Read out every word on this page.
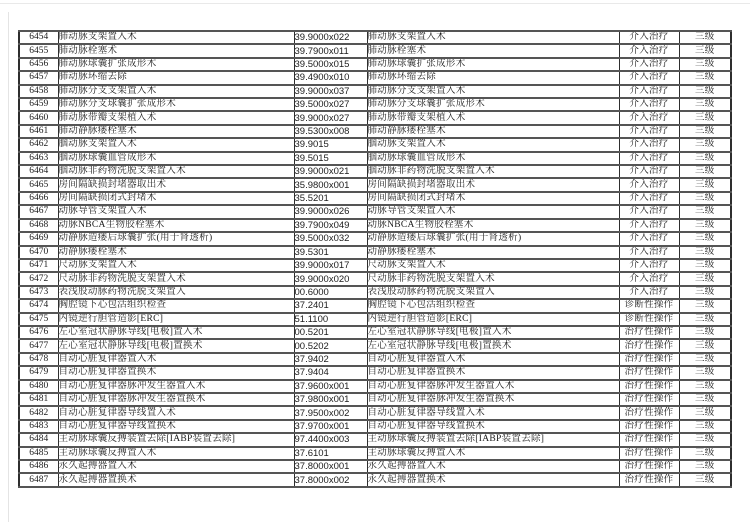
6454	肺动脉支架置入术	39.9000x022	肺动脉支架置入术	介入治疗	三级
6455	肺动脉栓塞术	39.7900x011	肺动脉栓塞术	介入治疗	三级
6456	肺动脉球囊扩张成形术	39.5000x015	肺动脉球囊扩张成形术	介入治疗	三级
6457	肺动脉环缩去除	39.4900x010	肺动脉环缩去除	介入治疗	三级
6458	肺动脉分支支架置入术	39.9000x037	肺动脉分支支架置入术	介入治疗	三级
6459	肺动脉分支球囊扩张成形术	39.5000x027	肺动脉分支球囊扩张成形术	介入治疗	三级
6460	肺动脉带瓣支架植入术	39.9000x027	肺动脉带瓣支架植入术	介入治疗	三级
6461	肺动静脉瘘栓塞术	39.5300x008	肺动静脉瘘栓塞术	介入治疗	三级
6462	腘动脉支架置入术	39.9015	腘动脉支架置入术	介入治疗	三级
6463	腘动脉球囊血管成形术	39.5015	腘动脉球囊血管成形术	介入治疗	三级
6464	腘动脉非药物洗脱支架置入术	39.9000x021	腘动脉非药物洗脱支架置入术	介入治疗	三级
6465	房间隔缺损封堵器取出术	35.9800x001	房间隔缺损封堵器取出术	介入治疗	三级
6466	房间隔缺损闭式封堵术	35.5201	房间隔缺损闭式封堵术	介入治疗	三级
6467	动脉导管支架置入术	39.9000x026	动脉导管支架置入术	介入治疗	三级
6468	动脉NBCA生物胶栓塞术	39.7900x049	动脉NBCA生物胶栓塞术	介入治疗	三级
6469	动静脉造瘘后球囊扩张(用于肾透析)	39.5000x032	动静脉造瘘后球囊扩张(用于肾透析)	介入治疗	三级
6470	动静脉瘘栓塞术	39.5301	动静脉瘘栓塞术	介入治疗	三级
6471	尺动脉支架置入术	39.9000x017	尺动脉支架置入术	介入治疗	三级
6472	尺动脉非药物洗脱支架置入术	39.9000x020	尺动脉非药物洗脱支架置入术	介入治疗	三级
6473	表浅股动脉药物洗脱支架置入	00.6000	表浅股动脉药物洗脱支架置入	介入治疗	三级
6474	胸腔镜下心包活组织检查	37.2401	胸腔镜下心包活组织检查	诊断性操作	三级
6475	内镜逆行胆管造影[ERC]	51.1100	内镜逆行胆管造影[ERC]	诊断性操作	三级
6476	左心室冠状静脉导线[电极]置入术	00.5201	左心室冠状静脉导线[电极]置入术	治疗性操作	三级
6477	左心室冠状静脉导线[电极]置换术	00.5202	左心室冠状静脉导线[电极]置换术	治疗性操作	三级
6478	自动心脏复律器置入术	37.9402	自动心脏复律器置入术	治疗性操作	三级
6479	自动心脏复律器置换术	37.9404	自动心脏复律器置换术	治疗性操作	三级
6480	自动心脏复律器脉冲发生器置入术	37.9600x001	自动心脏复律器脉冲发生器置入术	治疗性操作	三级
6481	自动心脏复律器脉冲发生器置换术	37.9800x001	自动心脏复律器脉冲发生器置换术	治疗性操作	三级
6482	自动心脏复律器导线置入术	37.9500x002	自动心脏复律器导线置入术	治疗性操作	三级
6483	自动心脏复律器导线置换术	37.9700x001	自动心脏复律器导线置换术	治疗性操作	三级
6484	主动脉球囊反搏装置去除[IABP装置去除]	97.4400x003	主动脉球囊反搏装置去除[IABP装置去除]	治疗性操作	三级
6485	主动脉球囊反搏置入术	37.6101	主动脉球囊反搏置入术	治疗性操作	三级
6486	永久起搏器置入术	37.8000x001	永久起搏器置入术	治疗性操作	三级
6487	永久起搏器置换术	37.8000x002	永久起搏器置换术	治疗性操作	三级
